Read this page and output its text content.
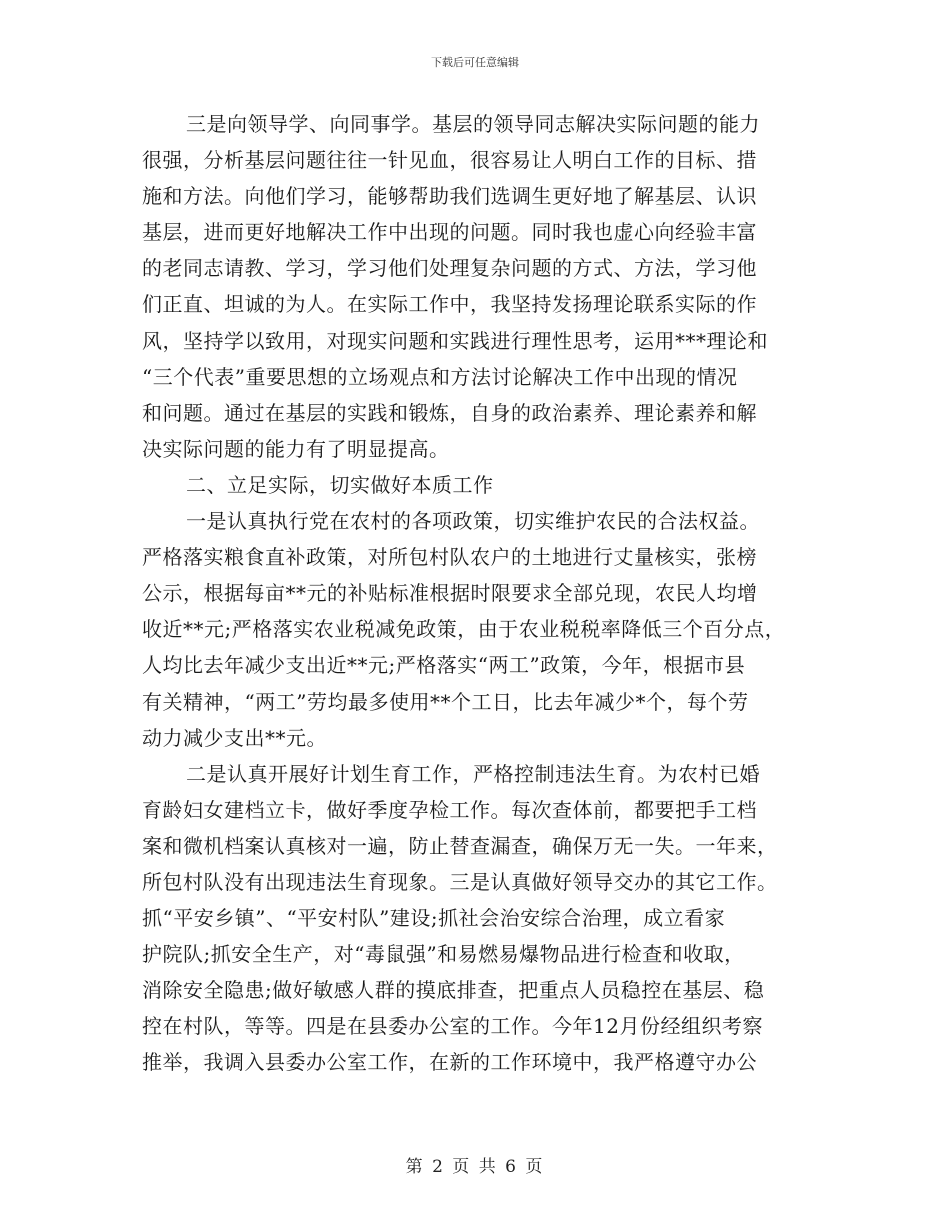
下载后可任意编辑
三是向领导学、向同事学。基层的领导同志解决实际问题的能力
很强，分析基层问题往往一针见血，很容易让人明白工作的目标、措
施和方法。向他们学习，能够帮助我们选调生更好地了解基层、认识
基层，进而更好地解决工作中出现的问题。同时我也虚心向经验丰富
的老同志请教、学习，学习他们处理复杂问题的方式、方法，学习他
们正直、坦诚的为人。在实际工作中，我坚持发扬理论联系实际的作
风，坚持学以致用，对现实问题和实践进行理性思考，运用***理论和
“三个代表”重要思想的立场观点和方法讨论解决工作中出现的情况
和问题。通过在基层的实践和锻炼，自身的政治素养、理论素养和解
决实际问题的能力有了明显提高。
二、立足实际，切实做好本质工作
一是认真执行党在农村的各项政策，切实维护农民的合法权益。
严格落实粮食直补政策，对所包村队农户的土地进行丈量核实，张榜
公示，根据每亩**元的补贴标准根据时限要求全部兑现，农民人均增
收近**元;严格落实农业税减免政策，由于农业税税率降低三个百分点，
人均比去年减少支出近**元;严格落实“两工”政策，今年，根据市县
有关精神，“两工”劳均最多使用**个工日，比去年减少*个，每个劳
动力减少支出**元。
二是认真开展好计划生育工作，严格控制违法生育。为农村已婚
育龄妇女建档立卡，做好季度孕检工作。每次查体前，都要把手工档
案和微机档案认真核对一遍，防止替查漏查，确保万无一失。一年来，
所包村队没有出现违法生育现象。三是认真做好领导交办的其它工作。
抓“平安乡镇”、“平安村队”建设;抓社会治安综合治理，成立看家
护院队;抓安全生产，对“毒鼠强”和易燃易爆物品进行检查和收取，
消除安全隐患;做好敏感人群的摸底排查，把重点人员稳控在基层、稳
控在村队，等等。四是在县委办公室的工作。今年12月份经组织考察
推举，我调入县委办公室工作，在新的工作环境中，我严格遵守办公
第 2 页 共 6 页
